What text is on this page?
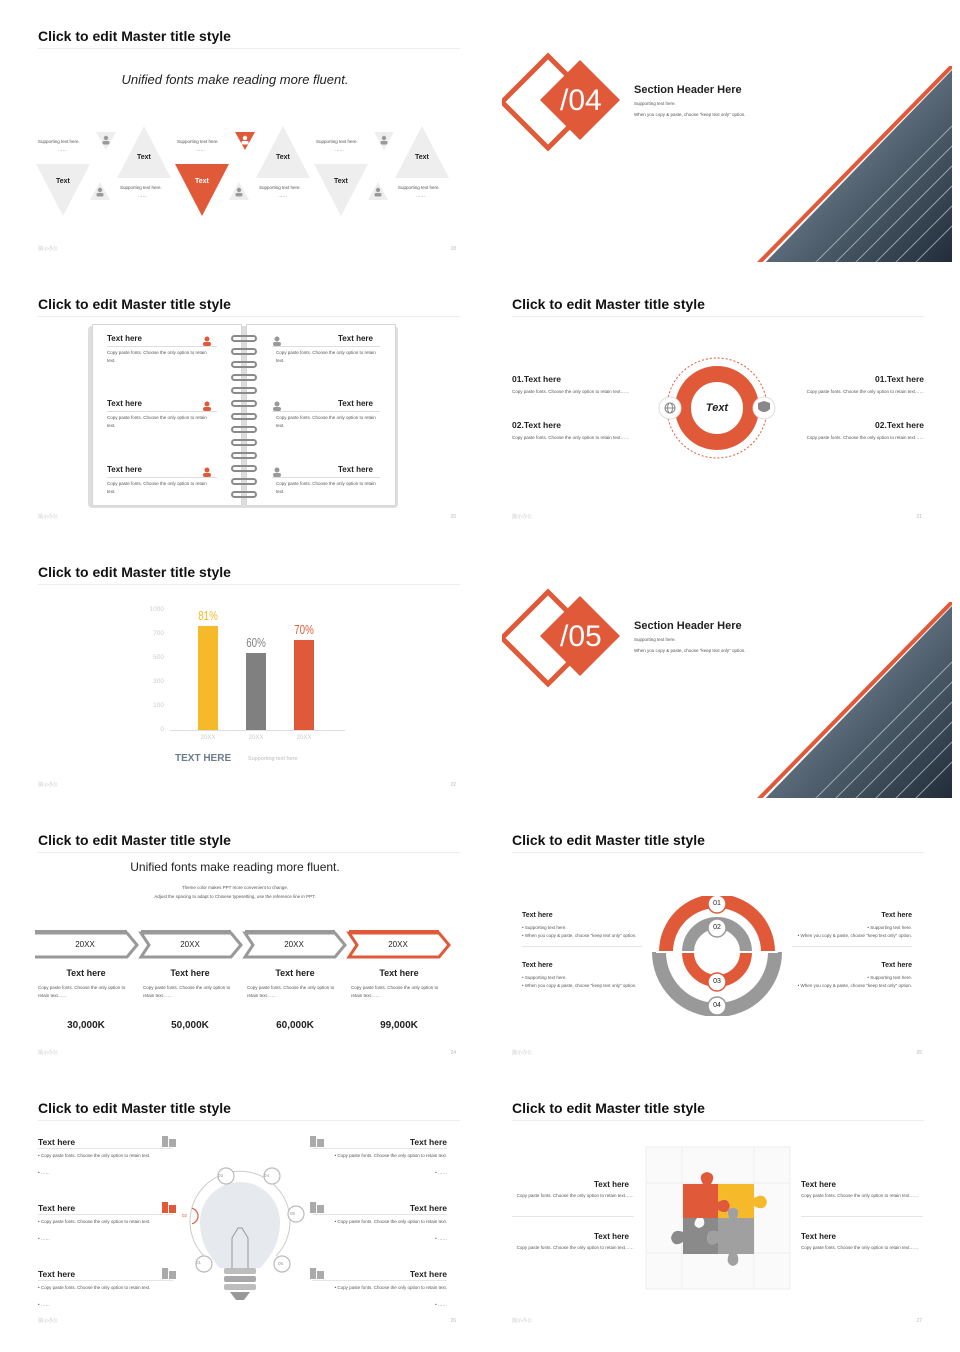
Click to edit Master title style
Unified fonts make reading more fluent.
Supporting text here.
……
Text
Text
Supporting text here.
……
Supporting text here.
……
Text
Text
Supporting text here.
……
Supporting text here.
……
Text
Text
Supporting text here.
……
演示办公	18
/04	Section Header Here
Supporting text here.
When you copy & paste, choose "keep text only" option.
Click to edit Master title style
Text here
Copy paste fonts. Choose the only option to retain text.
Text here
Copy paste fonts. Choose the only option to retain text.
Text here
Copy paste fonts. Choose the only option to retain text.
Text here
Copy paste fonts. Choose the only option to retain text.
Text here
Copy paste fonts. Choose the only option to retain text.
Text here
Copy paste fonts. Choose the only option to retain text.
演示办公	20
Click to edit Master title style
Text
01.Text here
Copy paste fonts. Choose the only option to retain text……
02.Text here
Copy paste fonts. Choose the only option to retain text……
01.Text here
Copy paste fonts. Choose the only option to retain text……
02.Text here
Copy paste fonts. Choose the only option to retain text……
演示办公	21
Click to edit Master title style
0
100
300
500
700
1000	81%
20XX
60%
20XX
70%
20XX
TEXT HERE	Supporting text here
演示办公	22
/05	Section Header Here
Supporting text here.
When you copy & paste, choose "keep text only" option.
Click to edit Master title style
Unified fonts make reading more fluent.
Theme color makes PPT more convenient to change.
Adjust the spacing to adapt to Chinese typesetting, use the reference line in PPT.
20XX	20XX	20XX	20XX
Text here
Copy paste fonts. Choose the only option to retain text……
30,000K
Text here
Copy paste fonts. Choose the only option to retain text……
50,000K
Text here
Copy paste fonts. Choose the only option to retain text……
60,000K
Text here
Copy paste fonts. Choose the only option to retain text……
99,000K
演示办公	24
Click to edit Master title style
01
02
03
04
Text here
• Supporting text here.
• When you copy & paste, choose "keep text only" option.
Text here
• Supporting text here.
• When you copy & paste, choose "keep text only" option.
Text here
• Supporting text here.
• When you copy & paste, choose "keep text only" option.
Text here
• Supporting text here.
• When you copy & paste, choose "keep text only" option.
演示办公	25
Click to edit Master title style
01
02
03	04
05
06
Text here
• Copy paste fonts. Choose the only option to retain text.
• ……
Text here
• Copy paste fonts. Choose the only option to retain text.
• ……
Text here
• Copy paste fonts. Choose the only option to retain text.
• ……
Text here
• Copy paste fonts. Choose the only option to retain text.
• ……
Text here
• Copy paste fonts. Choose the only option to retain text.
• ……
Text here
• Copy paste fonts. Choose the only option to retain text.
• ……
演示办公	26
Click to edit Master title style
Text here
Copy paste fonts. Choose the only option to retain text……
Text here
Copy paste fonts. Choose the only option to retain text……
Text here
Copy paste fonts. Choose the only option to retain text……
Text here
Copy paste fonts. Choose the only option to retain text……
演示办公	27
